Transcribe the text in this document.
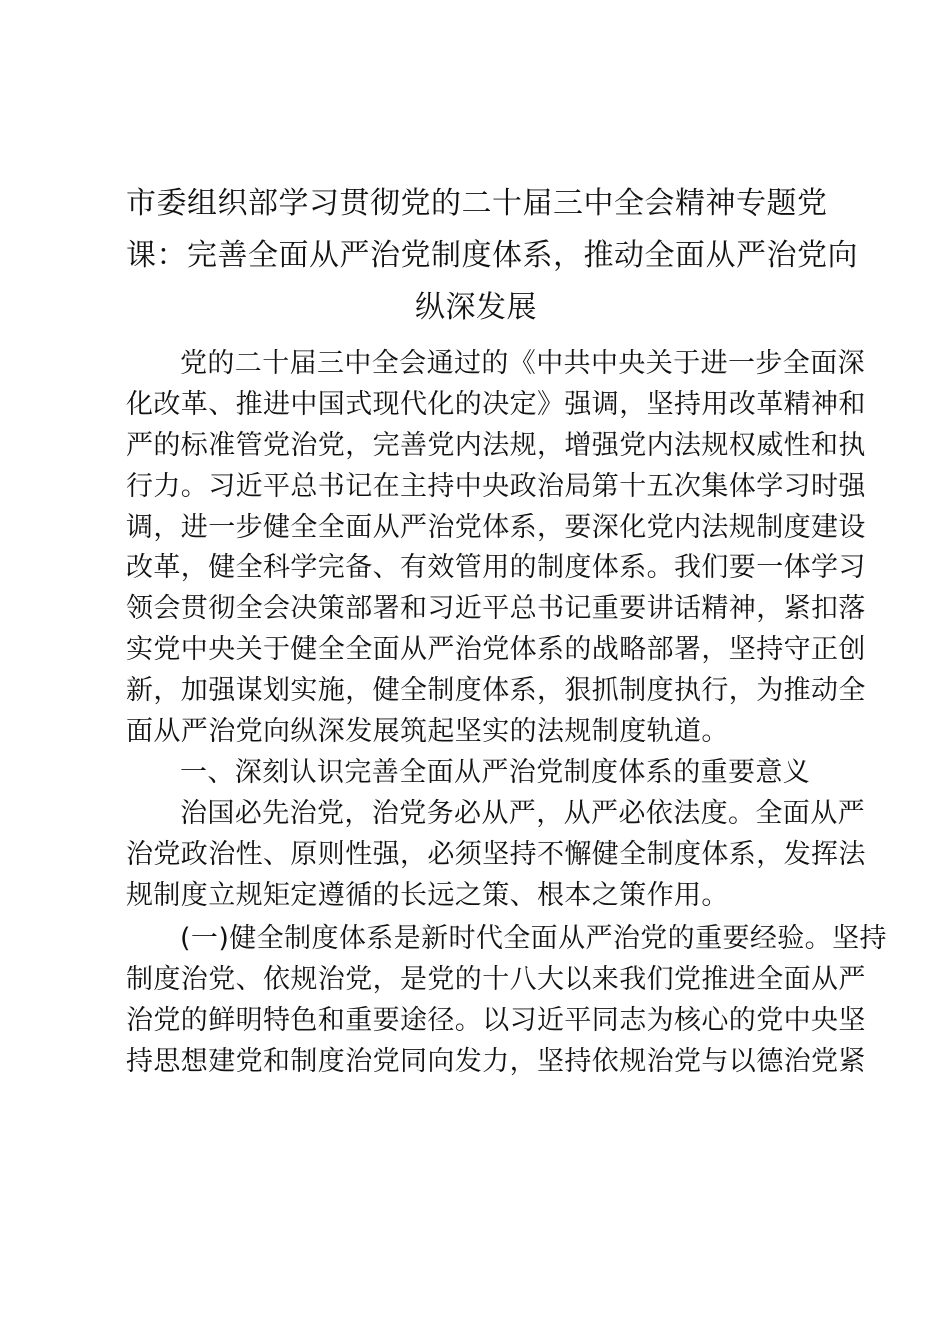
市委组织部学习贯彻党的二十届三中全会精神专题党
课：完善全面从严治党制度体系，推动全面从严治党向
纵深发展

党的二十届三中全会通过的《中共中央关于进一步全面深
化改革、推进中国式现代化的决定》强调，坚持用改革精神和
严的标准管党治党，完善党内法规，增强党内法规权威性和执
行力。习近平总书记在主持中央政治局第十五次集体学习时强
调，进一步健全全面从严治党体系，要深化党内法规制度建设
改革，健全科学完备、有效管用的制度体系。我们要一体学习
领会贯彻全会决策部署和习近平总书记重要讲话精神，紧扣落
实党中央关于健全全面从严治党体系的战略部署，坚持守正创
新，加强谋划实施，健全制度体系，狠抓制度执行，为推动全
面从严治党向纵深发展筑起坚实的法规制度轨道。

一、深刻认识完善全面从严治党制度体系的重要意义

治国必先治党，治党务必从严，从严必依法度。全面从严
治党政治性、原则性强，必须坚持不懈健全制度体系，发挥法
规制度立规矩定遵循的长远之策、根本之策作用。

(一)健全制度体系是新时代全面从严治党的重要经验。坚持
制度治党、依规治党，是党的十八大以来我们党推进全面从严
治党的鲜明特色和重要途径。以习近平同志为核心的党中央坚
持思想建党和制度治党同向发力，坚持依规治党与以德治党紧
